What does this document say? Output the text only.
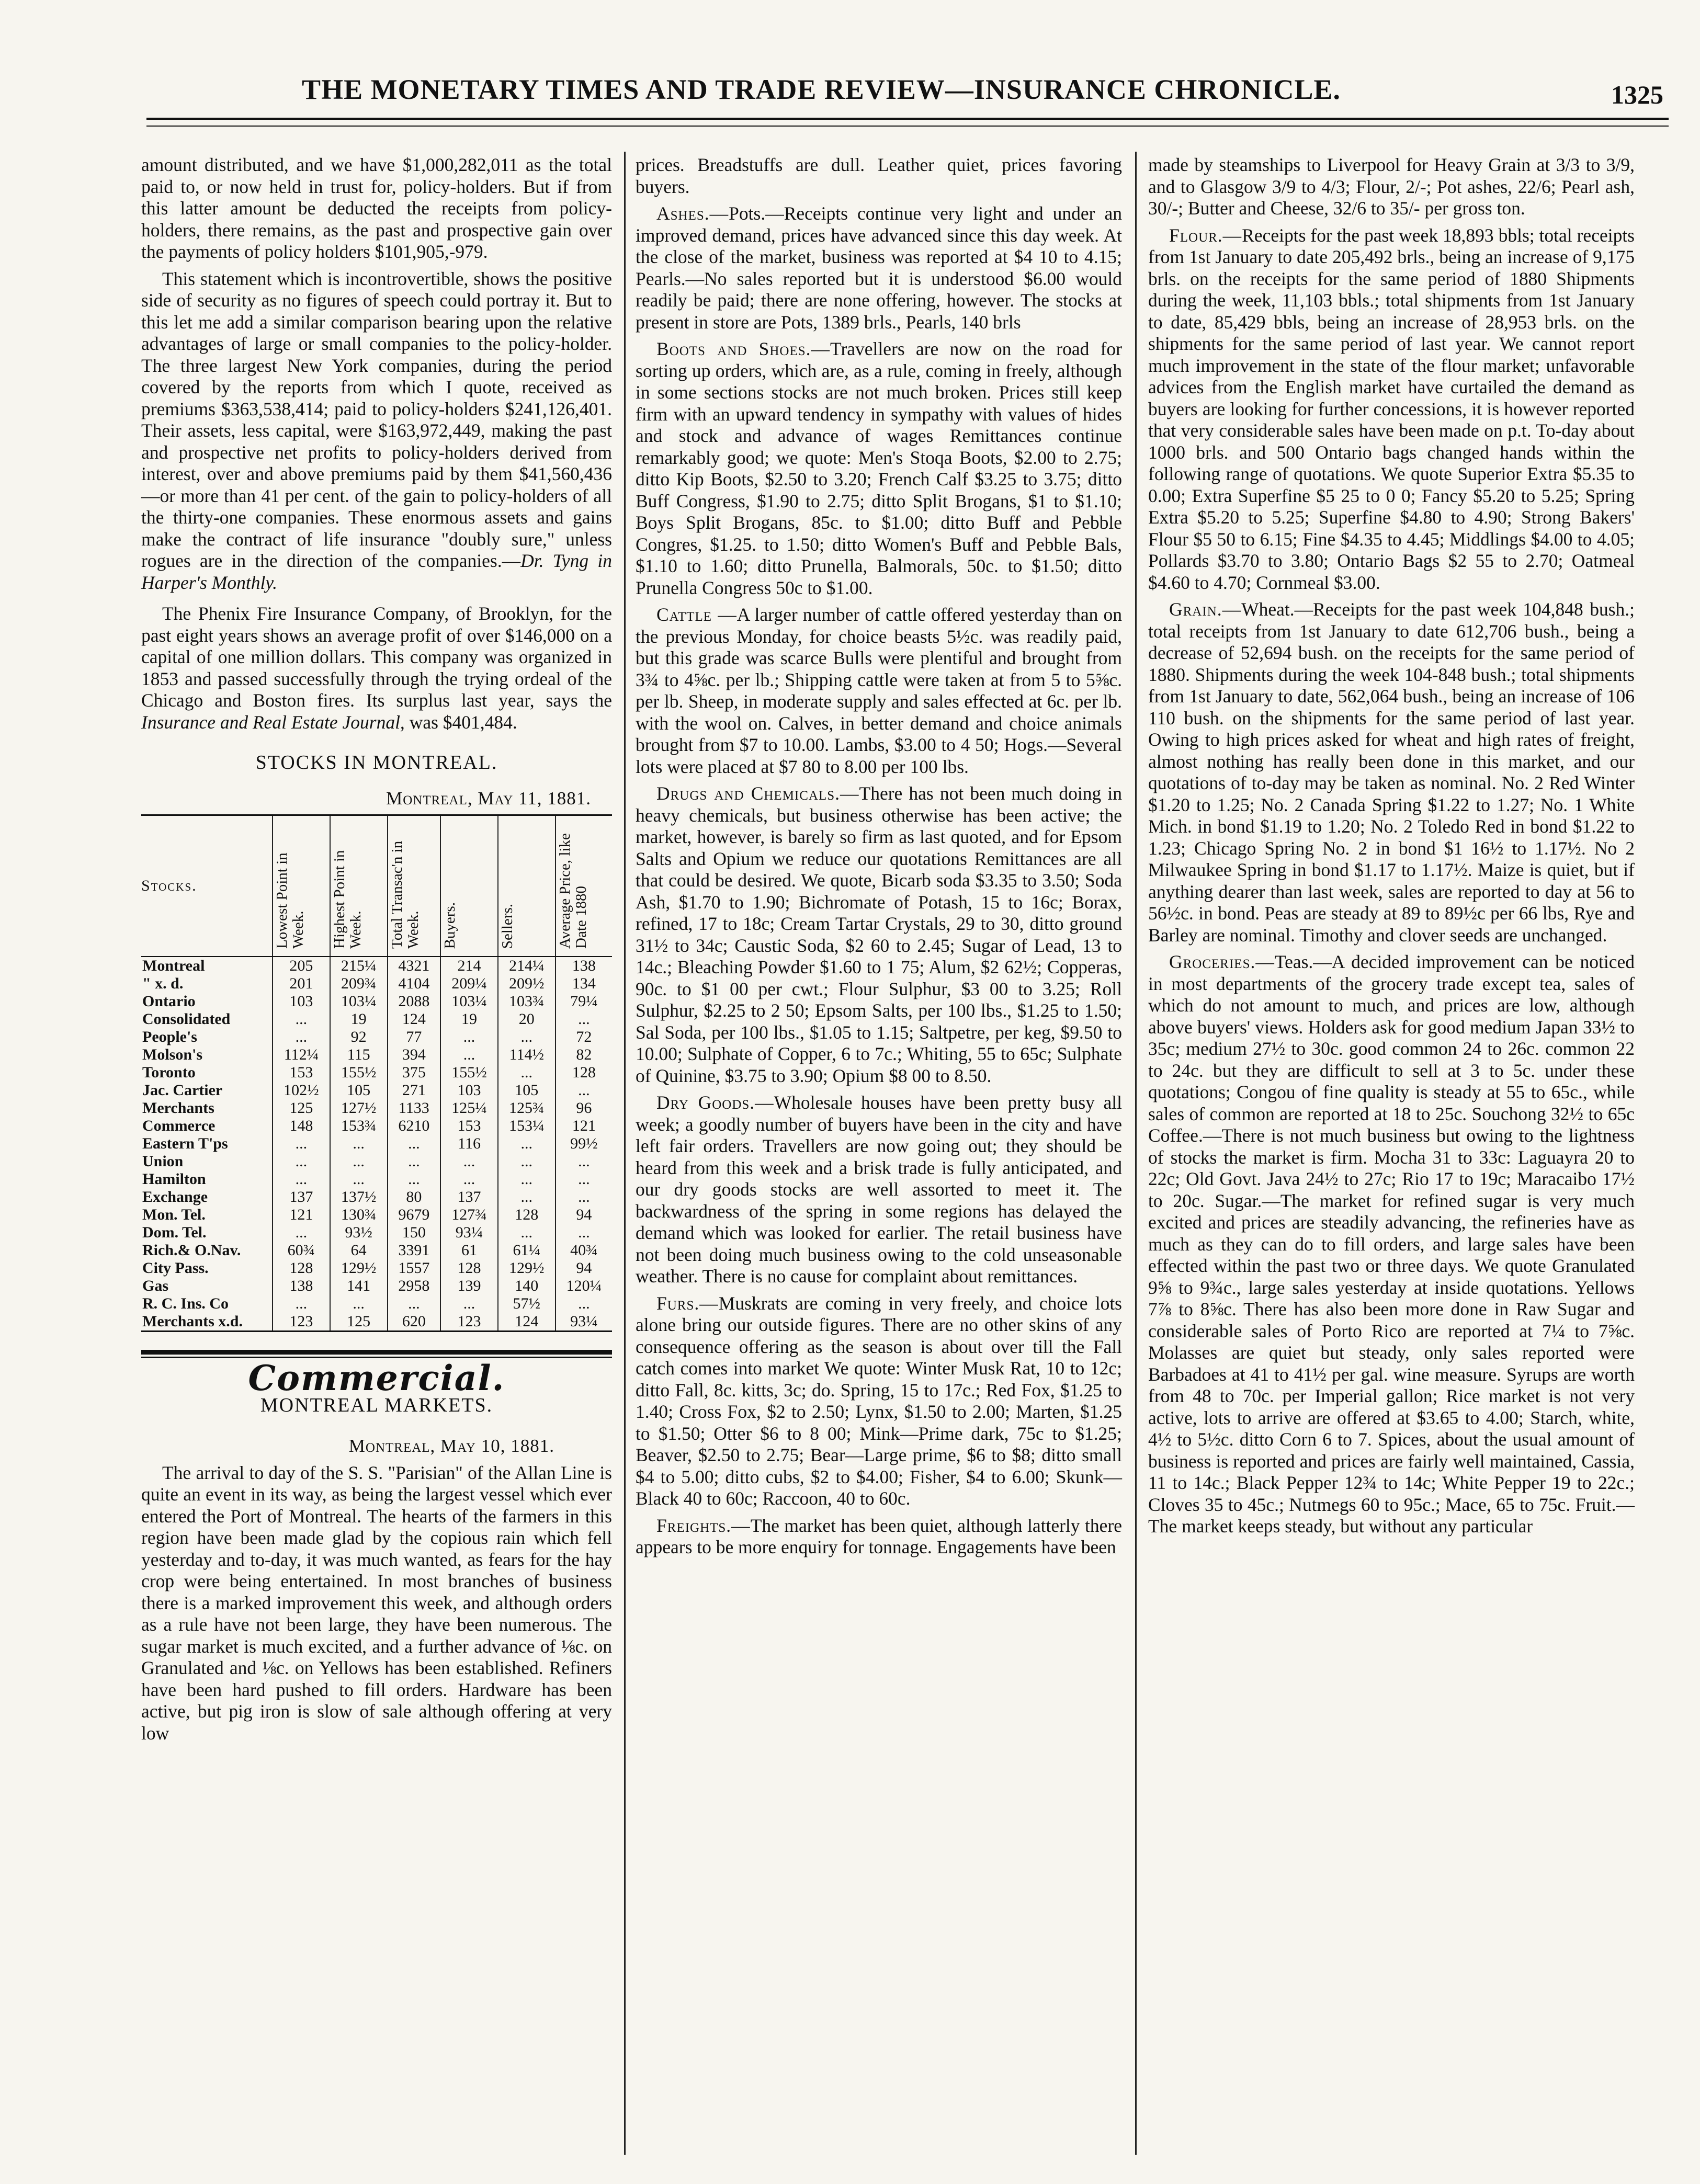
THE MONETARY TIMES AND TRADE REVIEW—INSURANCE CHRONICLE.	1325

amount distributed, and we have $1,000,282,011 as the total paid to, or now held in trust for, policy-holders. But if from this latter amount be deducted the receipts from policy-holders, there remains, as the past and prospective gain over the payments of policy holders $101,905,-979.

This statement which is incontrovertible, shows the positive side of security as no figures of speech could portray it. But to this let me add a similar comparison bearing upon the relative advantages of large or small companies to the policy-holder. The three largest New York companies, during the period covered by the reports from which I quote, received as premiums $363,538,414; paid to policy-holders $241,126,401. Their assets, less capital, were $163,972,449, making the past and prospective net profits to policy-holders derived from interest, over and above premiums paid by them $41,560,436—or more than 41 per cent. of the gain to policy-holders of all the thirty-one companies. These enormous assets and gains make the contract of life insurance "doubly sure," unless rogues are in the direction of the companies.—Dr. Tyng in Harper's Monthly.

The Phenix Fire Insurance Company, of Brooklyn, for the past eight years shows an average profit of over $146,000 on a capital of one million dollars. This company was organized in 1853 and passed successfully through the trying ordeal of the Chicago and Boston fires. Its surplus last year, says the Insurance and Real Estate Journal, was $401,484.

STOCKS IN MONTREAL.
Montreal, May 11, 1881.
Stocks.	Lowest Point in Week.	Highest Point in Week.	Total Transac'n in Week.	Buyers.	Sellers.	Average Price, like Date 1880
Montreal	205	215¼	4321	214	214¼	138
" x. d.	201	209¾	4104	209¼	209½	134
Ontario	103	103¼	2088	103¼	103¾	79¼
Consolidated	...	19	124	19	20	...
People's	...	92	77	...	...	72
Molson's	112¼	115	394	...	114½	82
Toronto	153	155½	375	155½	...	128
Jac. Cartier	102½	105	271	103	105	...
Merchants	125	127½	1133	125¼	125¾	96
Commerce	148	153¾	6210	153	153¼	121
Eastern T'ps	...	...	...	116	...	99½
Union	...	...	...	...	...	...
Hamilton	...	...	...	...	...	...
Exchange	137	137½	80	137	...	...
Mon. Tel.	121	130¾	9679	127¾	128	94
Dom. Tel.	...	93½	150	93¼	...	...
Rich.& O.Nav.	60¾	64	3391	61	61¼	40¾
City Pass.	128	129½	1557	128	129½	94
Gas	138	141	2958	139	140	120¼
R. C. Ins. Co	...	...	...	...	57½	...
Merchants x.d.	123	125	620	123	124	93¼
Commercial.
MONTREAL MARKETS.
Montreal, May 10, 1881.

The arrival to day of the S. S. "Parisian" of the Allan Line is quite an event in its way, as being the largest vessel which ever entered the Port of Montreal. The hearts of the farmers in this region have been made glad by the copious rain which fell yesterday and to-day, it was much wanted, as fears for the hay crop were being entertained. In most branches of business there is a marked improvement this week, and although orders as a rule have not been large, they have been numerous. The sugar market is much excited, and a further advance of ⅛c. on Granulated and ⅛c. on Yellows has been established. Refiners have been hard pushed to fill orders. Hardware has been active, but pig iron is slow of sale although offering at very low

prices. Breadstuffs are dull. Leather quiet, prices favoring buyers.

Ashes.—Pots.—Receipts continue very light and under an improved demand, prices have advanced since this day week. At the close of the market, business was reported at $4 10 to 4.15; Pearls.—No sales reported but it is understood $6.00 would readily be paid; there are none offering, however. The stocks at present in store are Pots, 1389 brls., Pearls, 140 brls

Boots and Shoes.—Travellers are now on the road for sorting up orders, which are, as a rule, coming in freely, although in some sections stocks are not much broken. Prices still keep firm with an upward tendency in sympathy with values of hides and stock and advance of wages Remittances continue remarkably good; we quote: Men's Stoqa Boots, $2.00 to 2.75; ditto Kip Boots, $2.50 to 3.20; French Calf $3.25 to 3.75; ditto Buff Congress, $1.90 to 2.75; ditto Split Brogans, $1 to $1.10; Boys Split Brogans, 85c. to $1.00; ditto Buff and Pebble Congres, $1.25. to 1.50; ditto Women's Buff and Pebble Bals, $1.10 to 1.60; ditto Prunella, Balmorals, 50c. to $1.50; ditto Prunella Congress 50c to $1.00.

Cattle —A larger number of cattle offered yesterday than on the previous Monday, for choice beasts 5½c. was readily paid, but this grade was scarce Bulls were plentiful and brought from 3¾ to 4⅝c. per lb.; Shipping cattle were taken at from 5 to 5⅝c. per lb. Sheep, in moderate supply and sales effected at 6c. per lb. with the wool on. Calves, in better demand and choice animals brought from $7 to 10.00. Lambs, $3.00 to 4 50; Hogs.—Several lots were placed at $7 80 to 8.00 per 100 lbs.

Drugs and Chemicals.—There has not been much doing in heavy chemicals, but business otherwise has been active; the market, however, is barely so firm as last quoted, and for Epsom Salts and Opium we reduce our quotations Remittances are all that could be desired. We quote, Bicarb soda $3.35 to 3.50; Soda Ash, $1.70 to 1.90; Bichromate of Potash, 15 to 16c; Borax, refined, 17 to 18c; Cream Tartar Crystals, 29 to 30, ditto ground 31½ to 34c; Caustic Soda, $2 60 to 2.45; Sugar of Lead, 13 to 14c.; Bleaching Powder $1.60 to 1 75; Alum, $2 62½; Copperas, 90c. to $1 00 per cwt.; Flour Sulphur, $3 00 to 3.25; Roll Sulphur, $2.25 to 2 50; Epsom Salts, per 100 lbs., $1.25 to 1.50; Sal Soda, per 100 lbs., $1.05 to 1.15; Saltpetre, per keg, $9.50 to 10.00; Sulphate of Copper, 6 to 7c.; Whiting, 55 to 65c; Sulphate of Quinine, $3.75 to 3.90; Opium $8 00 to 8.50.

Dry Goods.—Wholesale houses have been pretty busy all week; a goodly number of buyers have been in the city and have left fair orders. Travellers are now going out; they should be heard from this week and a brisk trade is fully anticipated, and our dry goods stocks are well assorted to meet it. The backwardness of the spring in some regions has delayed the demand which was looked for earlier. The retail business have not been doing much business owing to the cold unseasonable weather. There is no cause for complaint about remittances.

Furs.—Muskrats are coming in very freely, and choice lots alone bring our outside figures. There are no other skins of any consequence offering as the season is about over till the Fall catch comes into market We quote: Winter Musk Rat, 10 to 12c; ditto Fall, 8c. kitts, 3c; do. Spring, 15 to 17c.; Red Fox, $1.25 to 1.40; Cross Fox, $2 to 2.50; Lynx, $1.50 to 2.00; Marten, $1.25 to $1.50; Otter $6 to 8 00; Mink—Prime dark, 75c to $1.25; Beaver, $2.50 to 2.75; Bear—Large prime, $6 to $8; ditto small $4 to 5.00; ditto cubs, $2 to $4.00; Fisher, $4 to 6.00; Skunk—Black 40 to 60c; Raccoon, 40 to 60c.

Freights.—The market has been quiet, although latterly there appears to be more enquiry for tonnage. Engagements have been

made by steamships to Liverpool for Heavy Grain at 3/3 to 3/9, and to Glasgow 3/9 to 4/3; Flour, 2/-; Pot ashes, 22/6; Pearl ash, 30/-; Butter and Cheese, 32/6 to 35/- per gross ton.

Flour.—Receipts for the past week 18,893 bbls; total receipts from 1st January to date 205,492 brls., being an increase of 9,175 brls. on the receipts for the same period of 1880 Shipments during the week, 11,103 bbls.; total shipments from 1st January to date, 85,429 bbls, being an increase of 28,953 brls. on the shipments for the same period of last year. We cannot report much improvement in the state of the flour market; unfavorable advices from the English market have curtailed the demand as buyers are looking for further concessions, it is however reported that very considerable sales have been made on p.t. To-day about 1000 brls. and 500 Ontario bags changed hands within the following range of quotations. We quote Superior Extra $5.35 to 0.00; Extra Superfine $5 25 to 0 0; Fancy $5.20 to 5.25; Spring Extra $5.20 to 5.25; Superfine $4.80 to 4.90; Strong Bakers' Flour $5 50 to 6.15; Fine $4.35 to 4.45; Middlings $4.00 to 4.05; Pollards $3.70 to 3.80; Ontario Bags $2 55 to 2.70; Oatmeal $4.60 to 4.70; Cornmeal $3.00.

Grain.—Wheat.—Receipts for the past week 104,848 bush.; total receipts from 1st January to date 612,706 bush., being a decrease of 52,694 bush. on the receipts for the same period of 1880. Shipments during the week 104-848 bush.; total shipments from 1st January to date, 562,064 bush., being an increase of 106 110 bush. on the shipments for the same period of last year. Owing to high prices asked for wheat and high rates of freight, almost nothing has really been done in this market, and our quotations of to-day may be taken as nominal. No. 2 Red Winter $1.20 to 1.25; No. 2 Canada Spring $1.22 to 1.27; No. 1 White Mich. in bond $1.19 to 1.20; No. 2 Toledo Red in bond $1.22 to 1.23; Chicago Spring No. 2 in bond $1 16½ to 1.17½. No 2 Milwaukee Spring in bond $1.17 to 1.17½. Maize is quiet, but if anything dearer than last week, sales are reported to day at 56 to 56½c. in bond. Peas are steady at 89 to 89½c per 66 lbs, Rye and Barley are nominal. Timothy and clover seeds are unchanged.

Groceries.—Teas.—A decided improvement can be noticed in most departments of the grocery trade except tea, sales of which do not amount to much, and prices are low, although above buyers' views. Holders ask for good medium Japan 33½ to 35c; medium 27½ to 30c. good common 24 to 26c. common 22 to 24c. but they are difficult to sell at 3 to 5c. under these quotations; Congou of fine quality is steady at 55 to 65c., while sales of common are reported at 18 to 25c. Souchong 32½ to 65c Coffee.—There is not much business but owing to the lightness of stocks the market is firm. Mocha 31 to 33c: Laguayra 20 to 22c; Old Govt. Java 24½ to 27c; Rio 17 to 19c; Maracaibo 17½ to 20c. Sugar.—The market for refined sugar is very much excited and prices are steadily advancing, the refineries have as much as they can do to fill orders, and large sales have been effected within the past two or three days. We quote Granulated 9⅝ to 9¾c., large sales yesterday at inside quotations. Yellows 7⅞ to 8⅝c. There has also been more done in Raw Sugar and considerable sales of Porto Rico are reported at 7¼ to 7⅝c. Molasses are quiet but steady, only sales reported were Barbadoes at 41 to 41½ per gal. wine measure. Syrups are worth from 48 to 70c. per Imperial gallon; Rice market is not very active, lots to arrive are offered at $3.65 to 4.00; Starch, white, 4½ to 5½c. ditto Corn 6 to 7. Spices, about the usual amount of business is reported and prices are fairly well maintained, Cassia, 11 to 14c.; Black Pepper 12¾ to 14c; White Pepper 19 to 22c.; Cloves 35 to 45c.; Nutmegs 60 to 95c.; Mace, 65 to 75c. Fruit.—The market keeps steady, but without any particular
